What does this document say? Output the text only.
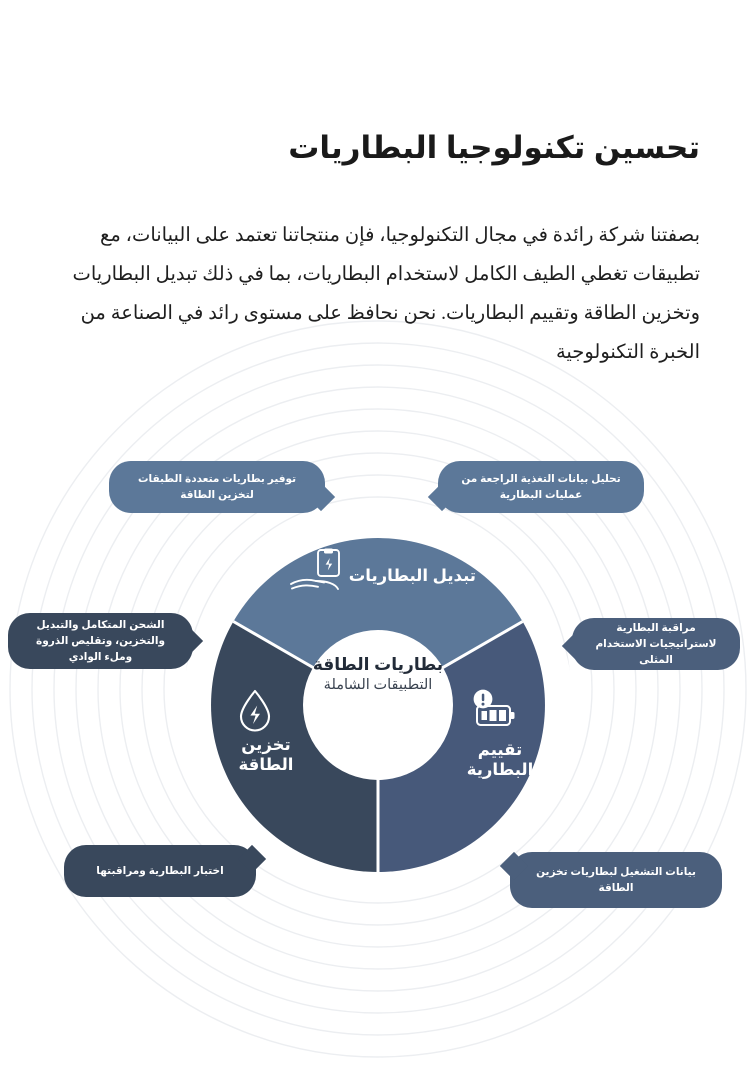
تحسين تكنولوجيا البطاريات

بصفتنا شركة رائدة في مجال التكنولوجيا، فإن منتجاتنا تعتمد على البيانات، مع تطبيقات تغطي الطيف الكامل لاستخدام البطاريات، بما في ذلك تبديل البطاريات وتخزين الطاقة وتقييم البطاريات. نحن نحافظ على مستوى رائد في الصناعة من الخبرة التكنولوجية

بطاريات الطاقة
التطبيقات الشاملة
تبديل البطاريات
تخزين الطاقة
تقييم البطارية
توفير بطاريات متعددة الطبقات لتخزين الطاقة
تحليل بيانات التغذية الراجعة من عمليات البطارية
الشحن المتكامل والتبديل والتخزين، وتقليص الذروة وملء الوادي
مراقبة البطارية لاستراتيجيات الاستخدام المثلى
اختبار البطارية ومراقبتها	بيانات التشغيل لبطاريات تخزين الطاقة
